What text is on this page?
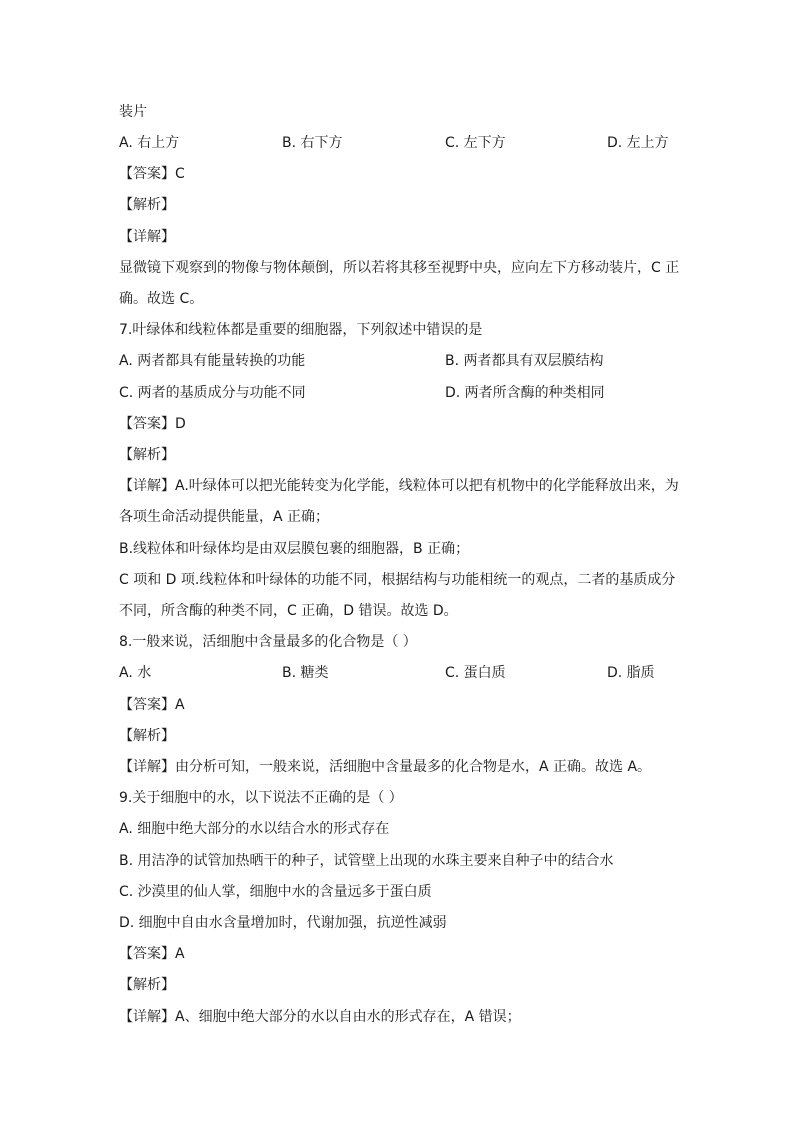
装片
A. 右上方	B. 右下方	C. 左下方	D. 左上方
【答案】C
【解析】
【详解】
显微镜下观察到的物像与物体颠倒，所以若将其移至视野中央，应向左下方移动装片，C 正
确。故选 C。
7.叶绿体和线粒体都是重要的细胞器，下列叙述中错误的是
A. 两者都具有能量转换的功能	B. 两者都具有双层膜结构
C. 两者的基质成分与功能不同	D. 两者所含酶的种类相同
【答案】D
【解析】
【详解】A.叶绿体可以把光能转变为化学能，线粒体可以把有机物中的化学能释放出来，为
各项生命活动提供能量，A 正确；
B.线粒体和叶绿体均是由双层膜包裹的细胞器，B 正确；
C 项和 D 项.线粒体和叶绿体的功能不同，根据结构与功能相统一的观点，二者的基质成分
不同，所含酶的种类不同，C 正确，D 错误。故选 D。
8.一般来说，活细胞中含量最多的化合物是（ ）
A. 水	B. 糖类	C. 蛋白质	D. 脂质
【答案】A
【解析】
【详解】由分析可知，一般来说，活细胞中含量最多的化合物是水，A 正确。故选 A。
9.关于细胞中的水，以下说法不正确的是（ ）
A. 细胞中绝大部分的水以结合水的形式存在
B. 用洁净的试管加热晒干的种子，试管壁上出现的水珠主要来自种子中的结合水
C. 沙漠里的仙人掌，细胞中水的含量远多于蛋白质
D. 细胞中自由水含量增加时，代谢加强，抗逆性减弱
【答案】A
【解析】
【详解】A、细胞中绝大部分的水以自由水的形式存在，A 错误；
